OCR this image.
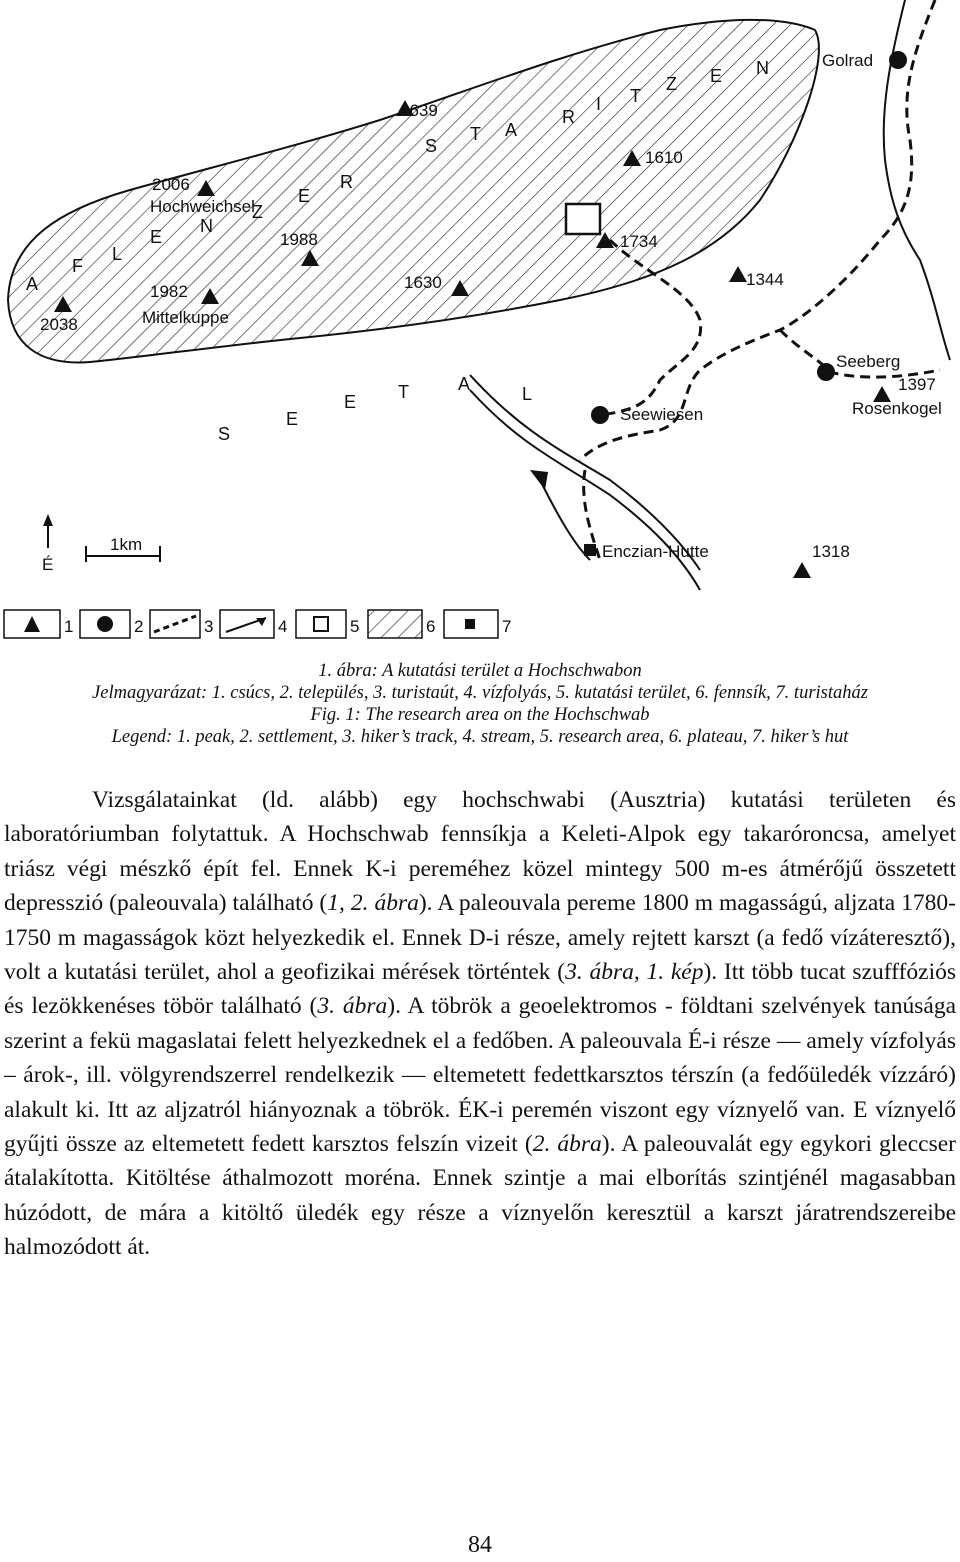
1639
1610
1734
1344
1988
1630
1318
2006
Hochweichsel
1982
Mittelkuppe
2038
1397
Rosenkogel
Golrad
Seeberg
Seewiesen
Enczian-Hutte
S
T A
R
I T
Z E N
A
F
L
E
N
Z
E
R
S
E
E T	A	L
É
1km
1	2	3	4	5	6	7
1. ábra: A kutatási terület a Hochschwabon
Jelmagyarázat: 1. csúcs, 2. település, 3. turistaút, 4. vízfolyás, 5. kutatási terület, 6. fennsík, 7. turistaház
Fig. 1: The research area on the Hochschwab
Legend: 1. peak, 2. settlement, 3. hiker’s track, 4. stream, 5. research area, 6. plateau, 7. hiker’s hut

Vizsgálatainkat (ld. alább) egy hochschwabi (Ausztria) kutatási területen és laboratóriumban folytattuk. A Hochschwab fennsíkja a Keleti-Alpok egy takaróroncsa, amelyet triász végi mészkő épít fel. Ennek K-i pereméhez közel mintegy 500 m-es átmérőjű összetett depresszió (paleouvala) található (1, 2. ábra). A paleouvala pereme 1800 m magasságú, aljzata 1780-1750 m magasságok közt helyezkedik el. Ennek D-i része, amely rejtett karszt (a fedő vízáteresztő), volt a kutatási terület, ahol a geofizikai mérések történtek (3. ábra, 1. kép). Itt több tucat szufffóziós és lezökkenéses töbör található (3. ábra). A töbrök a geoelektromos - földtani szelvények tanúsága szerint a fekü magaslatai felett helyezkednek el a fedőben. A paleouvala É-i része — amely vízfolyás – árok-, ill. völgyrendszerrel rendelkezik — eltemetett fedettkarsztos térszín (a fedőüledék vízzáró) alakult ki. Itt az aljzatról hiányoznak a töbrök. ÉK-i peremén viszont egy víznyelő van. E víznyelő gyűjti össze az eltemetett fedett karsztos felszín vizeit (2. ábra). A paleouvalát egy egykori gleccser átalakította. Kitöltése áthalmozott moréna. Ennek szintje a mai elborítás szintjénél magasabban húzódott, de mára a kitöltő üledék egy része a víznyelőn keresztül a karszt járatrendszereibe halmozódott át.

84
